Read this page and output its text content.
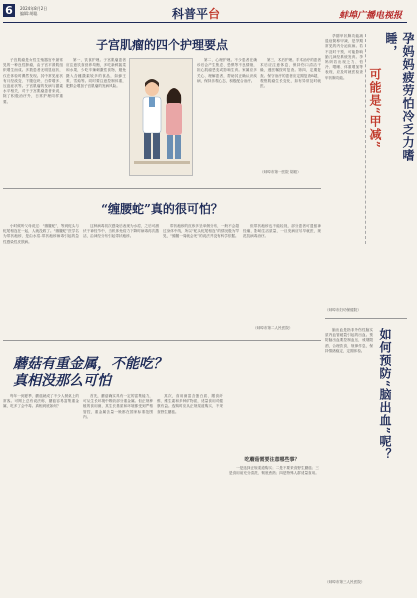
6	2024年8月2日
编辑:胡聪	科普平台	蚌埠广播电视报
子宫肌瘤的四个护理要点

子宫肌瘤是女性生殖器官中最常见的一种良性肿瘤，由子宫平滑肌组织增生而成。多数患者无明显症状，仅在体检时偶然发现。其中常见症状有月经改变、下腹包块、白带增多、压迫症状等。子宫肌瘤的发病与激素水平相关，对于子宫肌瘤患者来说，除了积极治疗外，日常护理同样重要。

第一，饮食护理。子宫肌瘤患者应注意饮食营养均衡，多吃新鲜蔬菜和水果，少吃辛辣刺激性食物，避免摄入含雌激素较多的食品，如蜂王浆、雪蛤等。同时要注意控制体重，肥胖会增加子宫肌瘤的发病风险。

第二，心理护理。不少患者在确诊后会产生焦虑、恐惧等不良情绪，担心肌瘤恶变或影响生育。家属应多关心、理解患者，帮助其正确认识疾病，保持乐观心态，积极配合治疗。

第三，术后护理。手术治疗的患者术后应注意休息，保持伤口清洁干燥，遵医嘱按时复查。第四，定期复查。保守治疗的患者应定期复查B超，观察肌瘤生长变化，如有异常及时就医。

（蚌埠市第一医院 胡聪）
“缠腰蛇”真的很可怕？

小时候听父母说过：“缠腰蛇”，等到蛇头与蛇尾相连在一起，人就没救了。“缠腰蛇”医学名为带状疱疹，是由水痘-带状疱疹病毒引起的急性感染性皮肤病。

这种病毒初次感染后表现为水痘，之后可潜伏于神经节中，当机体免疫力下降时病毒再次激活，沿神经分布引起带状疱疹。

带状疱疹的皮疹多呈单侧分布，一般不会超过身体中线，所以“蛇头蛇尾相连”的情况极为罕见，“缠腰一周就会死”的说法并没有科学依据。

但带状疱疹也不能轻视，部分患者可遗留神经痛，影响生活质量，一旦发病应尽早就医，规范抗病毒治疗。

（蚌埠市第二人民医院）
蘑菇有重金属，不能吃？
真相没那么可怕

每年一到夏季，蘑菇就成了不少人餐桌上的常客。可网上总有说法称，蘑菇容易富集重金属，吃多了会中毒。真相到底如何？

首先，蘑菇确实具有一定的富集能力，可从生长环境中吸收部分重金属。但正规种植的食用菌，其生长基质和环境都受到严格管控，重金属含量一般都在国家标准范围内。

其次，食用菌富含蛋白质、膳食纤维、维生素和多种矿物质，适量食用对健康有益。选购时应从正规渠道购买，不采食野生蘑菇。

吃蘑菇需要注意哪些事？

一是选择正规渠道购买；二是不要采食野生蘑菇；三是食用前充分清洗、彻底煮熟；四是特殊人群适量食用。

孕妈妈疲劳怕冷乏力嗜睡，
可能是“甲减”

孕期甲状腺功能减退症简称甲减，是孕期常见的内分泌疾病。若不及时干预，可能影响胎儿神经系统发育。孕妈妈若出现乏力、怕冷、嗜睡、体重增加等表现，应及时就医检查甲状腺功能。

（蚌埠市妇幼保健院）
如何预防“脑出血”呢？

脑出血是指非外伤性脑实质内血管破裂引起的出血。预防脑出血要控制血压，戒烟限酒，合理饮食，规律作息，保持情绪稳定，定期体检。

（蚌埠市第三人民医院）
